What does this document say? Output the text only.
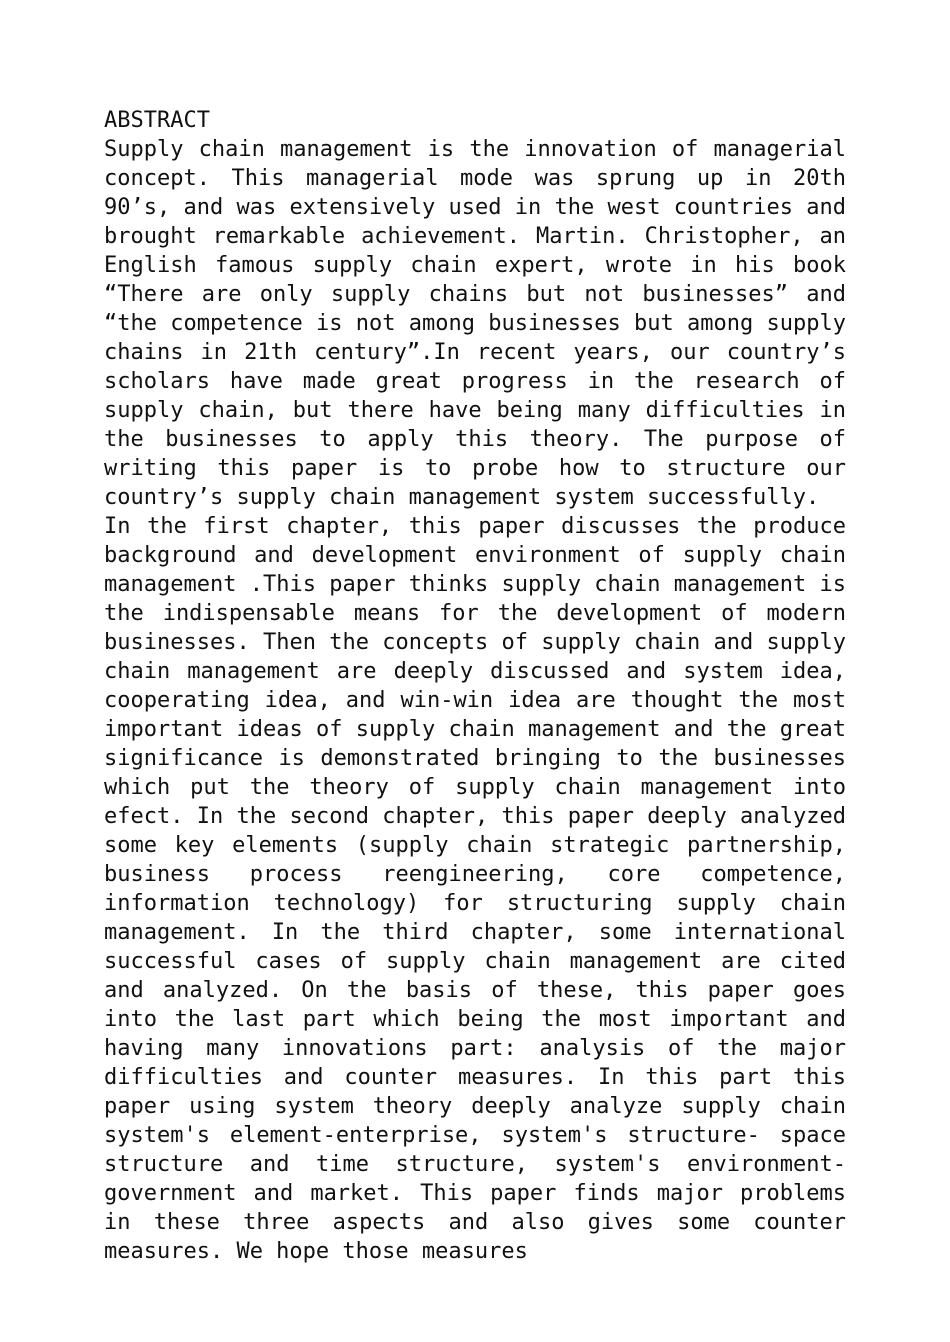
ABSTRACT

Supply chain management is the innovation of managerial concept. This managerial mode was sprung up in 20th 90’s, and was extensively used in the west countries and brought remarkable achievement. Martin. Christopher, an English famous supply chain expert, wrote in his book “There are only supply chains but not businesses” and “the competence is not among businesses but among supply chains in 21th century”.In recent years, our country’s scholars have made great progress in the research of supply chain, but there have being many difficulties in the businesses to apply this theory. The purpose of writing this paper is to probe how to structure our country’s supply chain management system successfully.

In the first chapter, this paper discusses the produce background and development environment of supply chain management .This paper thinks supply chain management is the indispensable means for the development of modern businesses. Then the concepts of supply chain and supply chain management are deeply discussed and system idea, cooperating idea, and win-win idea are thought the most important ideas of supply chain management and the great significance is demonstrated bringing to the businesses which put the theory of supply chain management into efect. In the second chapter, this paper deeply analyzed some key elements (supply chain strategic partnership, business process reengineering, core competence, information technology) for structuring supply chain management. In the third chapter, some international successful cases of supply chain management are cited and analyzed. On the basis of these, this paper goes into the last part which being the most important and having many innovations part: analysis of the major difficulties and counter measures. In this part this paper using system theory deeply analyze supply chain system's element-enterprise, system's structure- space structure and time structure, system's environment- government and market. This paper finds major problems in these three aspects and also gives some counter measures. We hope those measures
